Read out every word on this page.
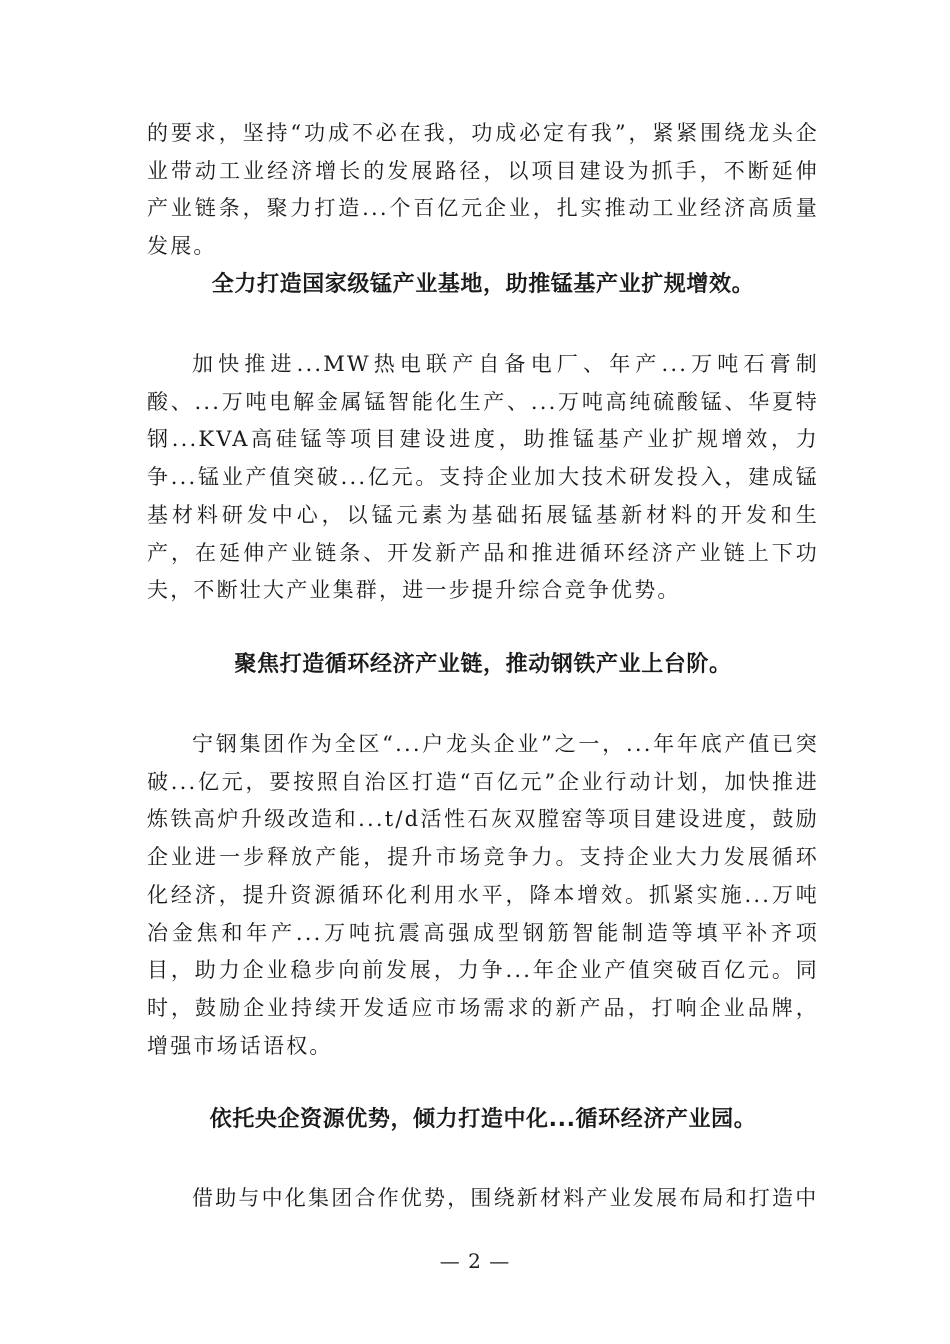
的要求，坚持“功成不必在我，功成必定有我”，紧紧围绕龙头企业带动工业经济增长的发展路径，以项目建设为抓手，不断延伸产业链条，聚力打造...个百亿元企业，扎实推动工业经济高质量发展。

全力打造国家级锰产业基地，助推锰基产业扩规增效。

加快推进...MW热电联产自备电厂、年产...万吨石膏制酸、...万吨电解金属锰智能化生产、...万吨高纯硫酸锰、华夏特钢...KVA高硅锰等项目建设进度，助推锰基产业扩规增效，力争...锰业产值突破...亿元。支持企业加大技术研发投入，建成锰基材料研发中心，以锰元素为基础拓展锰基新材料的开发和生产，在延伸产业链条、开发新产品和推进循环经济产业链上下功夫，不断壮大产业集群，进一步提升综合竞争优势。

聚焦打造循环经济产业链，推动钢铁产业上台阶。

宁钢集团作为全区“...户龙头企业”之一，...年年底产值已突破...亿元，要按照自治区打造“百亿元”企业行动计划，加快推进炼铁高炉升级改造和...t/d活性石灰双膛窑等项目建设进度，鼓励企业进一步释放产能，提升市场竞争力。支持企业大力发展循环化经济，提升资源循环化利用水平，降本增效。抓紧实施...万吨冶金焦和年产...万吨抗震高强成型钢筋智能制造等填平补齐项目，助力企业稳步向前发展，力争...年企业产值突破百亿元。同时，鼓励企业持续开发适应市场需求的新产品，打响企业品牌，增强市场话语权。

依托央企资源优势，倾力打造中化...循环经济产业园。

借助与中化集团合作优势，围绕新材料产业发展布局和打造中

— 2 —
